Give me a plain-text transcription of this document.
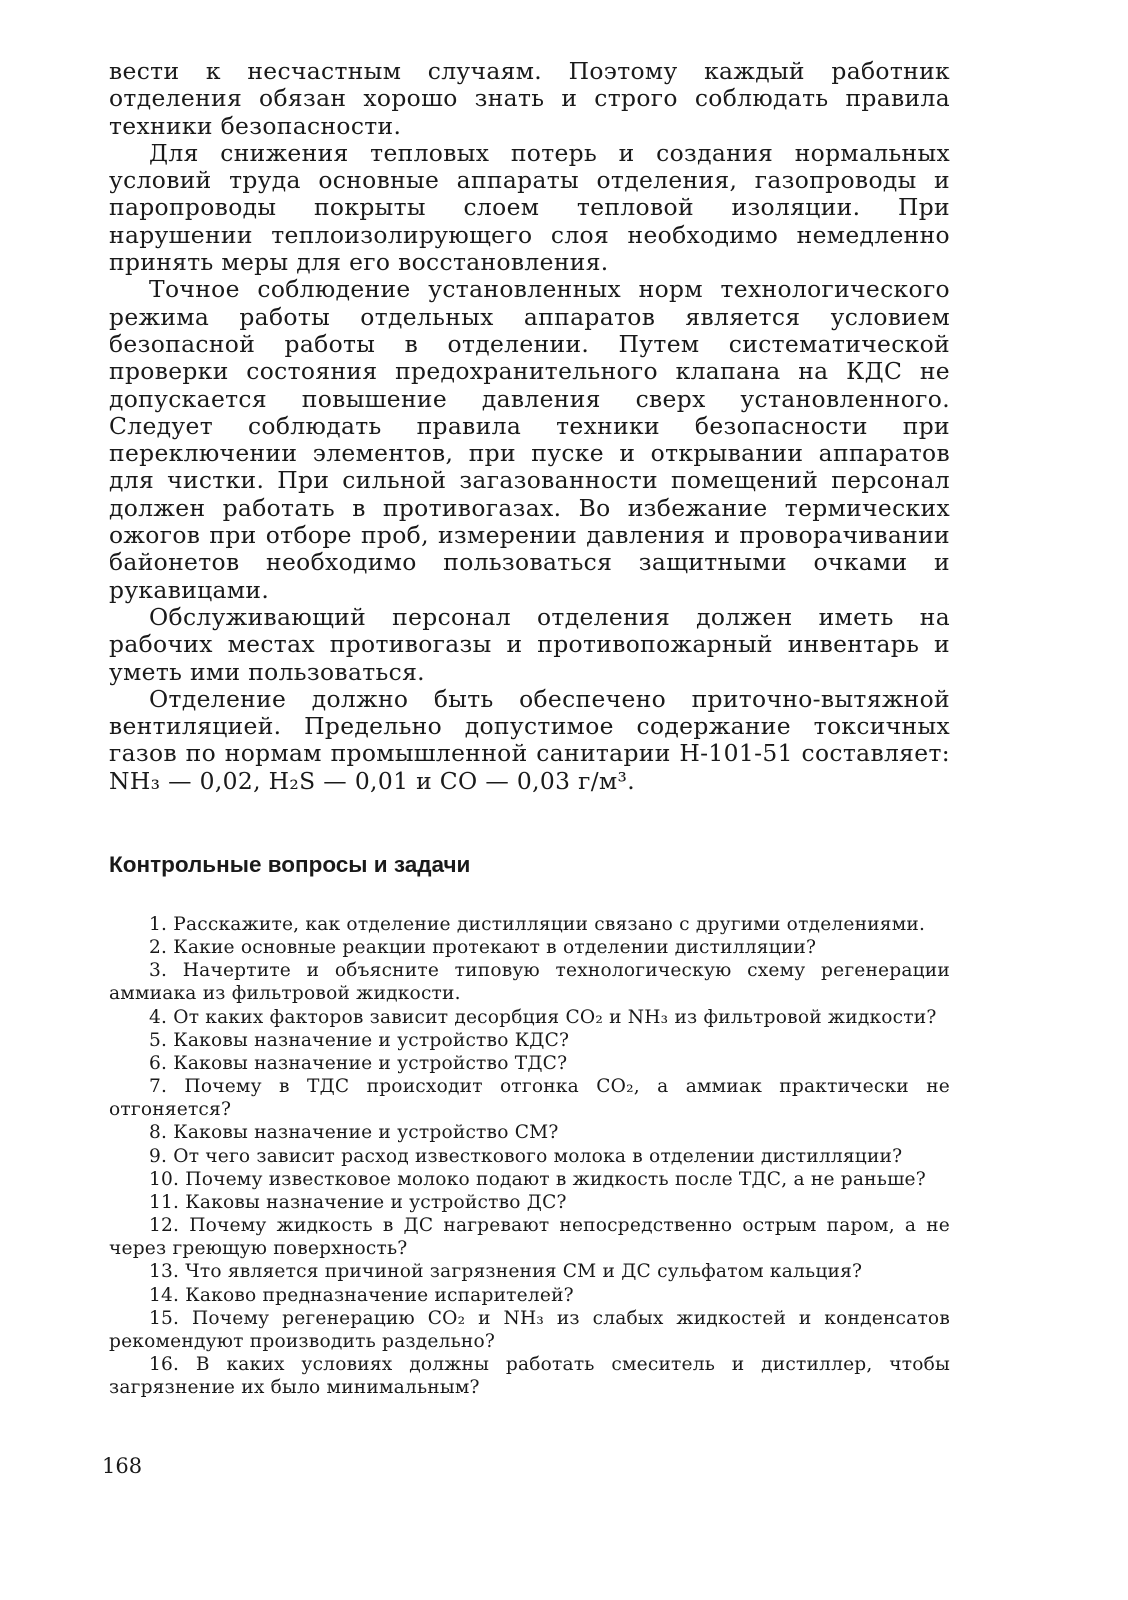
вести к несчастным случаям. Поэтому каждый работник отделения обязан хорошо знать и строго соблюдать правила техники безопасности.

Для снижения тепловых потерь и создания нормальных условий труда основные аппараты отделения, газопроводы и паропроводы покрыты слоем тепловой изоляции. При нарушении теплоизолирующего слоя необходимо немедленно принять меры для его восстановления.

Точное соблюдение установленных норм технологического режима работы отдельных аппаратов является условием безопасной работы в отделении. Путем систематической проверки состояния предохранительного клапана на КДС не допускается повышение давления сверх установленного. Следует соблюдать правила техники безопасности при переключении элементов, при пуске и открывании аппаратов для чистки. При сильной загазованности помещений персонал должен работать в противогазах. Во избежание термических ожогов при отборе проб, измерении давления и проворачивании байонетов необходимо пользоваться защитными очками и рукавицами.

Обслуживающий персонал отделения должен иметь на рабочих местах противогазы и противопожарный инвентарь и уметь ими пользоваться.

Отделение должно быть обеспечено приточно-вытяжной вентиляцией. Предельно допустимое содержание токсичных газов по нормам промышленной санитарии Н-101-51 составляет: NH₃ — 0,02, H₂S — 0,01 и CO — 0,03 г/м³.

Контрольные вопросы и задачи

1. Расскажите, как отделение дистилляции связано с другими отделениями.

2. Какие основные реакции протекают в отделении дистилляции?

3. Начертите и объясните типовую технологическую схему регенерации аммиака из фильтровой жидкости.

4. От каких факторов зависит десорбция CO₂ и NH₃ из фильтровой жидкости?

5. Каковы назначение и устройство КДС?

6. Каковы назначение и устройство ТДС?

7. Почему в ТДС происходит отгонка CO₂, а аммиак практически не отгоняется?

8. Каковы назначение и устройство СМ?

9. От чего зависит расход известкового молока в отделении дистилляции?

10. Почему известковое молоко подают в жидкость после ТДС, а не раньше?

11. Каковы назначение и устройство ДС?

12. Почему жидкость в ДС нагревают непосредственно острым паром, а не через греющую поверхность?

13. Что является причиной загрязнения СМ и ДС сульфатом кальция?

14. Каково предназначение испарителей?

15. Почему регенерацию CO₂ и NH₃ из слабых жидкостей и конденсатов рекомендуют производить раздельно?

16. В каких условиях должны работать смеситель и дистиллер, чтобы загрязнение их было минимальным?

168
